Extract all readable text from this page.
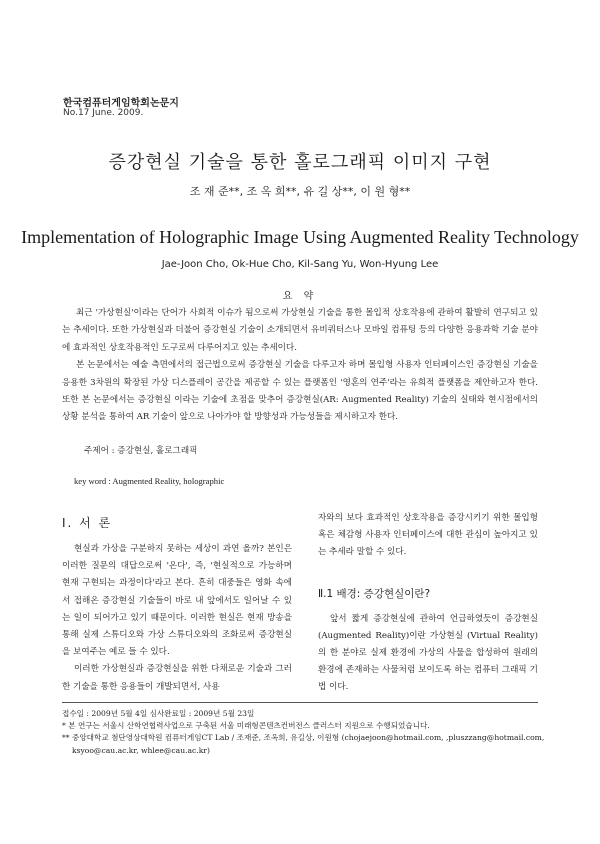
한국컴퓨터게임학회논문지
No.17 June. 2009.
증강현실 기술을 통한 홀로그래픽 이미지 구현
조 재 준**, 조 옥 희**, 유 길 상**, 이 원 형**
Implementation of Holographic Image Using Augmented Reality Technology
Jae-Joon Cho, Ok-Hue Cho, Kil-Sang Yu, Won-Hyung Lee
요 약

최근 '가상현실'이라는 단어가 사회적 이슈가 됨으로써 가상현실 기술을 통한 몰입적 상호작용에 관하여 활발히 연구되고 있는 추세이다. 또한 가상현실과 더불어 증강현실 기술이 소개되면서 유비쿼터스나 모바일 컴퓨팅 등의 다양한 응용과학 기술 분야에 효과적인 상호작용적인 도구로써 다루어지고 있는 추세이다.

본 논문에서는 예술 측면에서의 접근법으로써 증강현실 기술을 다루고자 하며 몰입형 사용자 인터페이스인 증강현실 기술을 응용한 3차원의 확장된 가상 디스플레이 공간을 제공할 수 있는 플랫폼인 '영혼의 연주'라는 유희적 플랫폼을 제안하고자 한다. 또한 본 논문에서는 증강현실 이라는 기술에 초점을 맞추어 증강현실(AR: Augmented Reality) 기술의 실태와 현시점에서의 상황 분석을 통하여 AR 기술이 앞으로 나아가야 할 방향성과 가능성들을 제시하고자 한다.

주제어 : 증강현실, 홀로그래픽
key word : Augmented Reality, holographic
Ⅰ. 서 론

현실과 가상을 구분하지 못하는 세상이 과연 올까? 본인은 이러한 질문의 대답으로써 '온다', 즉, '현실적으로 가능하며 현재 구현되는 과정이다'라고 본다. 흔히 대중들은 영화 속에서 접해온 증강현실 기술들이 바로 내 앞에서도 일어날 수 있는 일이 되어가고 있기 때문이다. 이러한 현실은 현재 방송을 통해 실제 스튜디오와 가상 스튜디오와의 조화로써 증강현실을 보여주는 예로 들 수 있다.

이러한 가상현실과 증강현실을 위한 다채로운 기술과 그러한 기술을 통한 응용들이 개발되면서, 사용

자와의 보다 효과적인 상호작용을 증강시키기 위한 몰입형 혹은 체감형 사용자 인터페이스에 대한 관심이 높아지고 있는 추세라 말할 수 있다.

Ⅱ.1 배경: 증강현실이란?

앞서 짧게 증강현실에 관하여 언급하였듯이 증강현실(Augmented Reality)이란 가상현실 (Virtual Reality)의 한 분야로 실제 환경에 가상의 사물을 합성하여 원래의 환경에 존재하는 사물처럼 보이도록 하는 컴퓨터 그래픽 기법 이다.

접수일 : 2009년 5월 4일 심사완료일 : 2009년 5월 23일
* 본 연구는 서울시 산학연협력사업으로 구축된 서울 미래형콘텐츠컨버전스 클러스터 지원으로 수행되었습니다.
** 중앙대학교 첨단영상대학원 컴퓨터게임CT Lab / 조재준, 조옥희, 유길상, 이원형 (chojaejoon@hotmail.com, ,pluszzang@hotmail.com,
ksyoo@cau.ac.kr, whlee@cau.ac.kr)
